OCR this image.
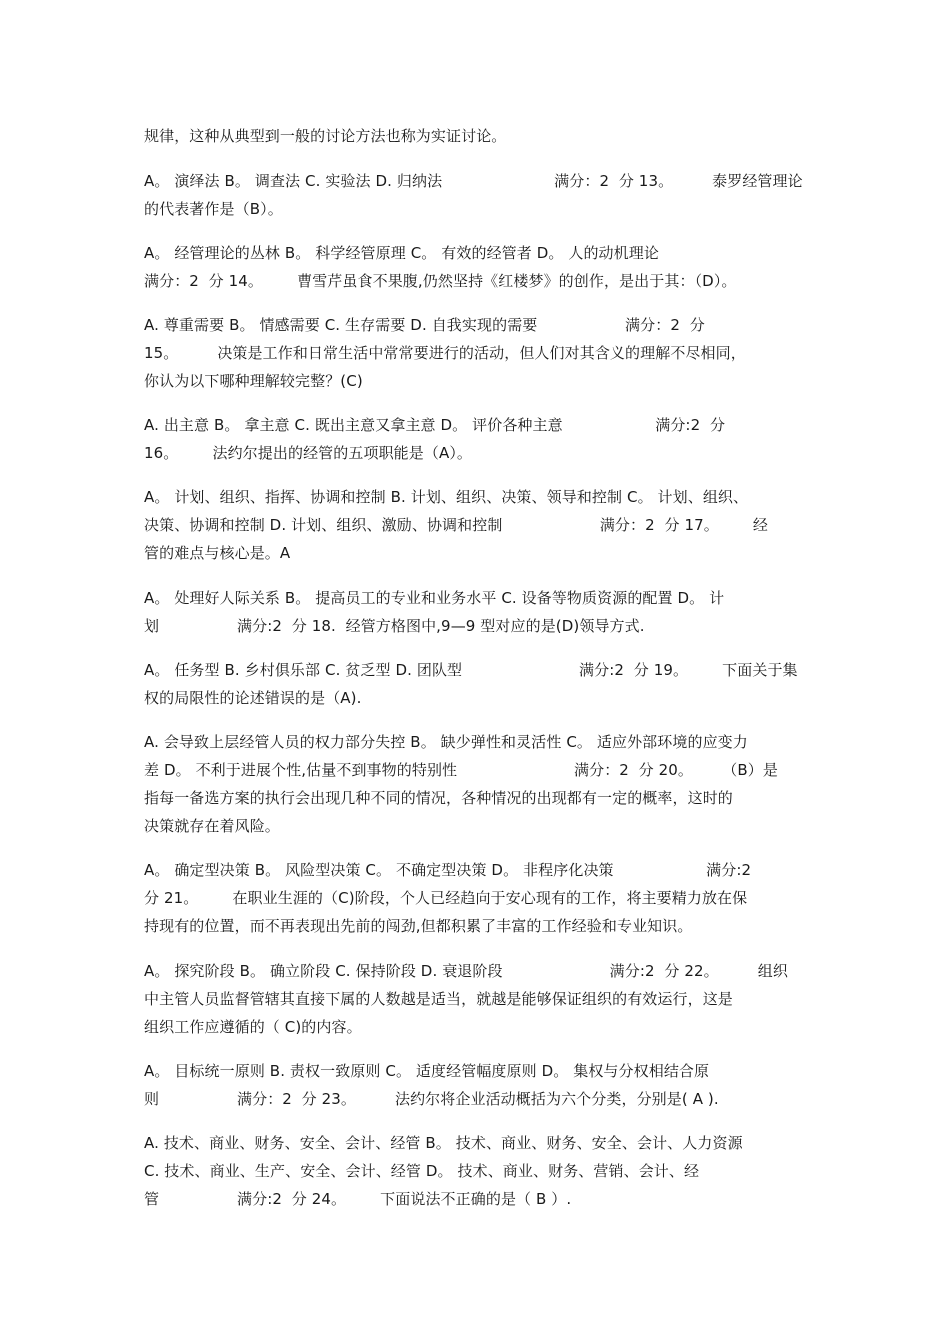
规律，这种从典型到一般的讨论方法也称为实证讨论。
A。 演绎法 B。 调查法 C. 实验法 D. 归纳法                       满分：2  分 13。        泰罗经管理论
的代表著作是（B）。
A。 经管理论的丛林 B。 科学经管原理 C。 有效的经管者 D。 人的动机理论
满分：2  分 14。       曹雪芹虽食不果腹,仍然坚持《红楼梦》的创作，是出于其：（D）。
A. 尊重需要 B。 情感需要 C. 生存需要 D. 自我实现的需要                  满分：2  分
15。        决策是工作和日常生活中常常要进行的活动，但人们对其含义的理解不尽相同，
你认为以下哪种理解较完整？(C)
A. 出主意 B。 拿主意 C. 既出主意又拿主意 D。 评价各种主意                   满分:2  分
16。       法约尔提出的经管的五项职能是（A）。
A。 计划、组织、指挥、协调和控制 B. 计划、组织、决策、领导和控制 C。 计划、组织、
决策、协调和控制 D. 计划、组织、激励、协调和控制                    满分：2  分 17。       经
管的难点与核心是。A
A。 处理好人际关系 B。 提高员工的专业和业务水平 C. 设备等物质资源的配置 D。 计
划                满分:2  分 18.  经管方格图中,9—9 型对应的是(D)领导方式.
A。 任务型 B. 乡村俱乐部 C. 贫乏型 D. 团队型                        满分:2  分 19。       下面关于集
权的局限性的论述错误的是（A).
A. 会导致上层经管人员的权力部分失控 B。 缺少弹性和灵活性 C。 适应外部环境的应变力
差 D。 不利于进展个性,估量不到事物的特别性                        满分：2  分 20。      （B）是
指每一备选方案的执行会出现几种不同的情况，各种情况的出现都有一定的概率，这时的
决策就存在着风险。
A。 确定型决策 B。 风险型决策 C。 不确定型决策 D。 非程序化决策                   满分:2
分 21。       在职业生涯的（C)阶段，个人已经趋向于安心现有的工作，将主要精力放在保
持现有的位置，而不再表现出先前的闯劲,但都积累了丰富的工作经验和专业知识。
A。 探究阶段 B。 确立阶段 C. 保持阶段 D. 衰退阶段                      满分:2  分 22。        组织
中主管人员监督管辖其直接下属的人数越是适当，就越是能够保证组织的有效运行，这是
组织工作应遵循的（ C)的内容。
A。 目标统一原则 B. 责权一致原则 C。 适度经管幅度原则 D。 集权与分权相结合原
则                满分：2  分 23。        法约尔将企业活动概括为六个分类，分别是( A ).
A. 技术、商业、财务、安全、会计、经管 B。 技术、商业、财务、安全、会计、人力资源
C. 技术、商业、生产、安全、会计、经管 D。 技术、商业、财务、营销、会计、经
管                满分:2  分 24。       下面说法不正确的是（ B ）.
